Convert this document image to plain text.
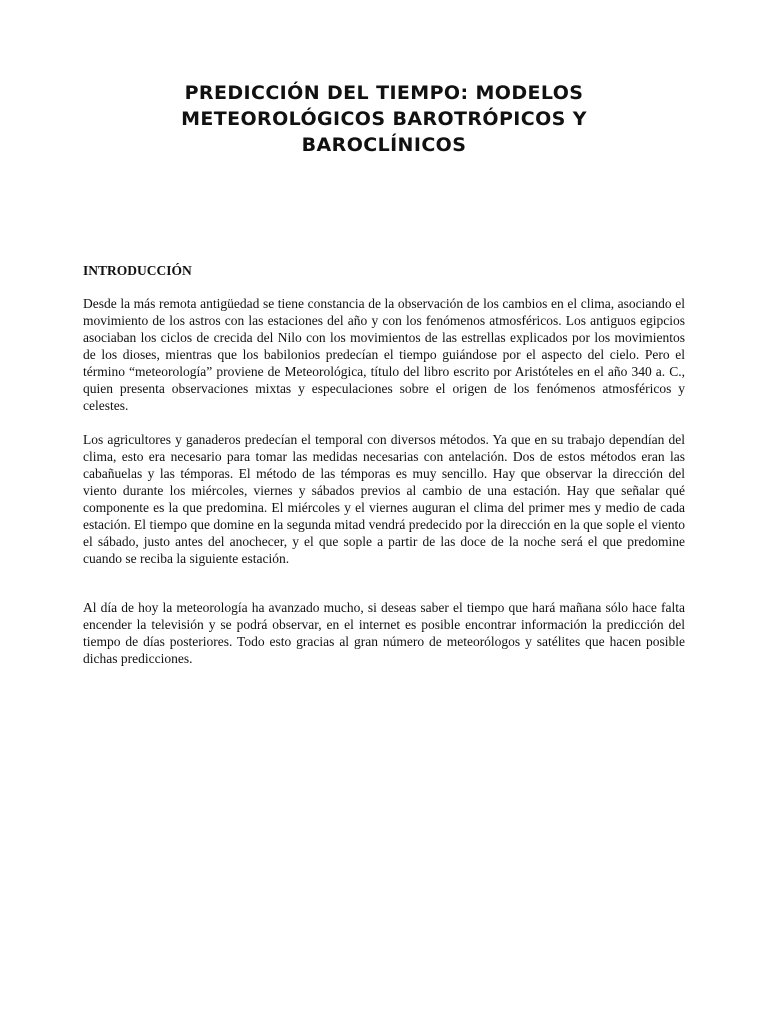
PREDICCIÓN DEL TIEMPO: MODELOS METEOROLÓGICOS BAROTRÓPICOS Y BAROCLÍNICOS
INTRODUCCIÓN

Desde la más remota antigüedad se tiene constancia de la observación de los cambios en el clima, asociando el movimiento de los astros con las estaciones del año y con los fenómenos atmosféricos. Los antiguos egipcios asociaban los ciclos de crecida del Nilo con los movimientos de las estrellas explicados por los movimientos de los dioses, mientras que los babilonios predecían el tiempo guiándose por el aspecto del cielo. Pero el término “meteorología” proviene de Meteorológica, título del libro escrito por Aristóteles en el año 340 a. C., quien presenta observaciones mixtas y especulaciones sobre el origen de los fenómenos atmosféricos y celestes.

Los agricultores y ganaderos predecían el temporal con diversos métodos. Ya que en su trabajo dependían del clima, esto era necesario para tomar las medidas necesarias con antelación. Dos de estos métodos eran las cabañuelas y las témporas. El método de las témporas es muy sencillo. Hay que observar la dirección del viento durante los miércoles, viernes y sábados previos al cambio de una estación. Hay que señalar qué componente es la que predomina. El miércoles y el viernes auguran el clima del primer mes y medio de cada estación. El tiempo que domine en la segunda mitad vendrá predecido por la dirección en la que sople el viento el sábado, justo antes del anochecer, y el que sople a partir de las doce de la noche será el que predomine cuando se reciba la siguiente estación.

Al día de hoy la meteorología ha avanzado mucho, si deseas saber el tiempo que hará mañana sólo hace falta encender la televisión y se podrá observar, en el internet es posible encontrar información la predicción del tiempo de días posteriores. Todo esto gracias al gran número de meteorólogos y satélites que hacen posible dichas predicciones.
